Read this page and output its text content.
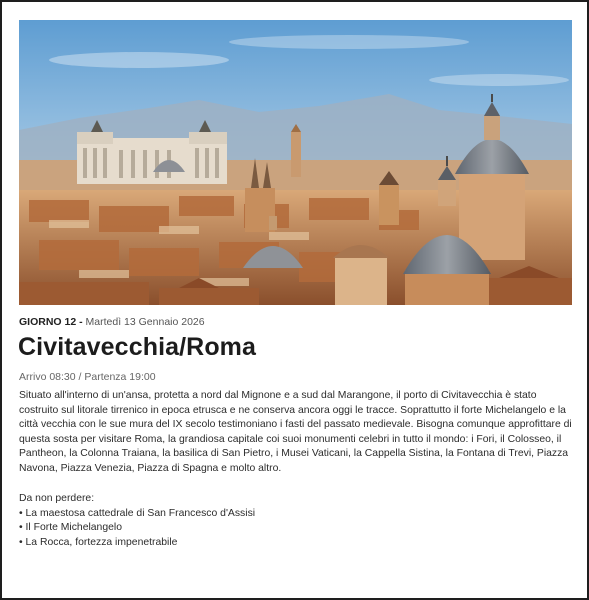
GIORNO 12 - Martedì 13 Gennaio 2026
Civitavecchia/Roma
Arrivo 08:30 / Partenza 19:00

Situato all'interno di un'ansa, protetta a nord dal Mignone e a sud dal Marangone, il porto di Civitavecchia è stato costruito sul litorale tirrenico in epoca etrusca e ne conserva ancora oggi le tracce. Soprattutto il forte Michelangelo e la città vecchia con le sue mura del IX secolo testimoniano i fasti del passato medievale. Bisogna comunque approfittare di questa sosta per visitare Roma, la grandiosa capitale coi suoi monumenti celebri in tutto il mondo: i Fori, il Colosseo, il Pantheon, la Colonna Traiana, la basilica di San Pietro, i Musei Vaticani, la Cappella Sistina, la Fontana di Trevi, Piazza Navona, Piazza Venezia, Piazza di Spagna e molto altro.

Da non perdere:
• La maestosa cattedrale di San Francesco d'Assisi
• Il Forte Michelangelo
• La Rocca, fortezza impenetrabile
